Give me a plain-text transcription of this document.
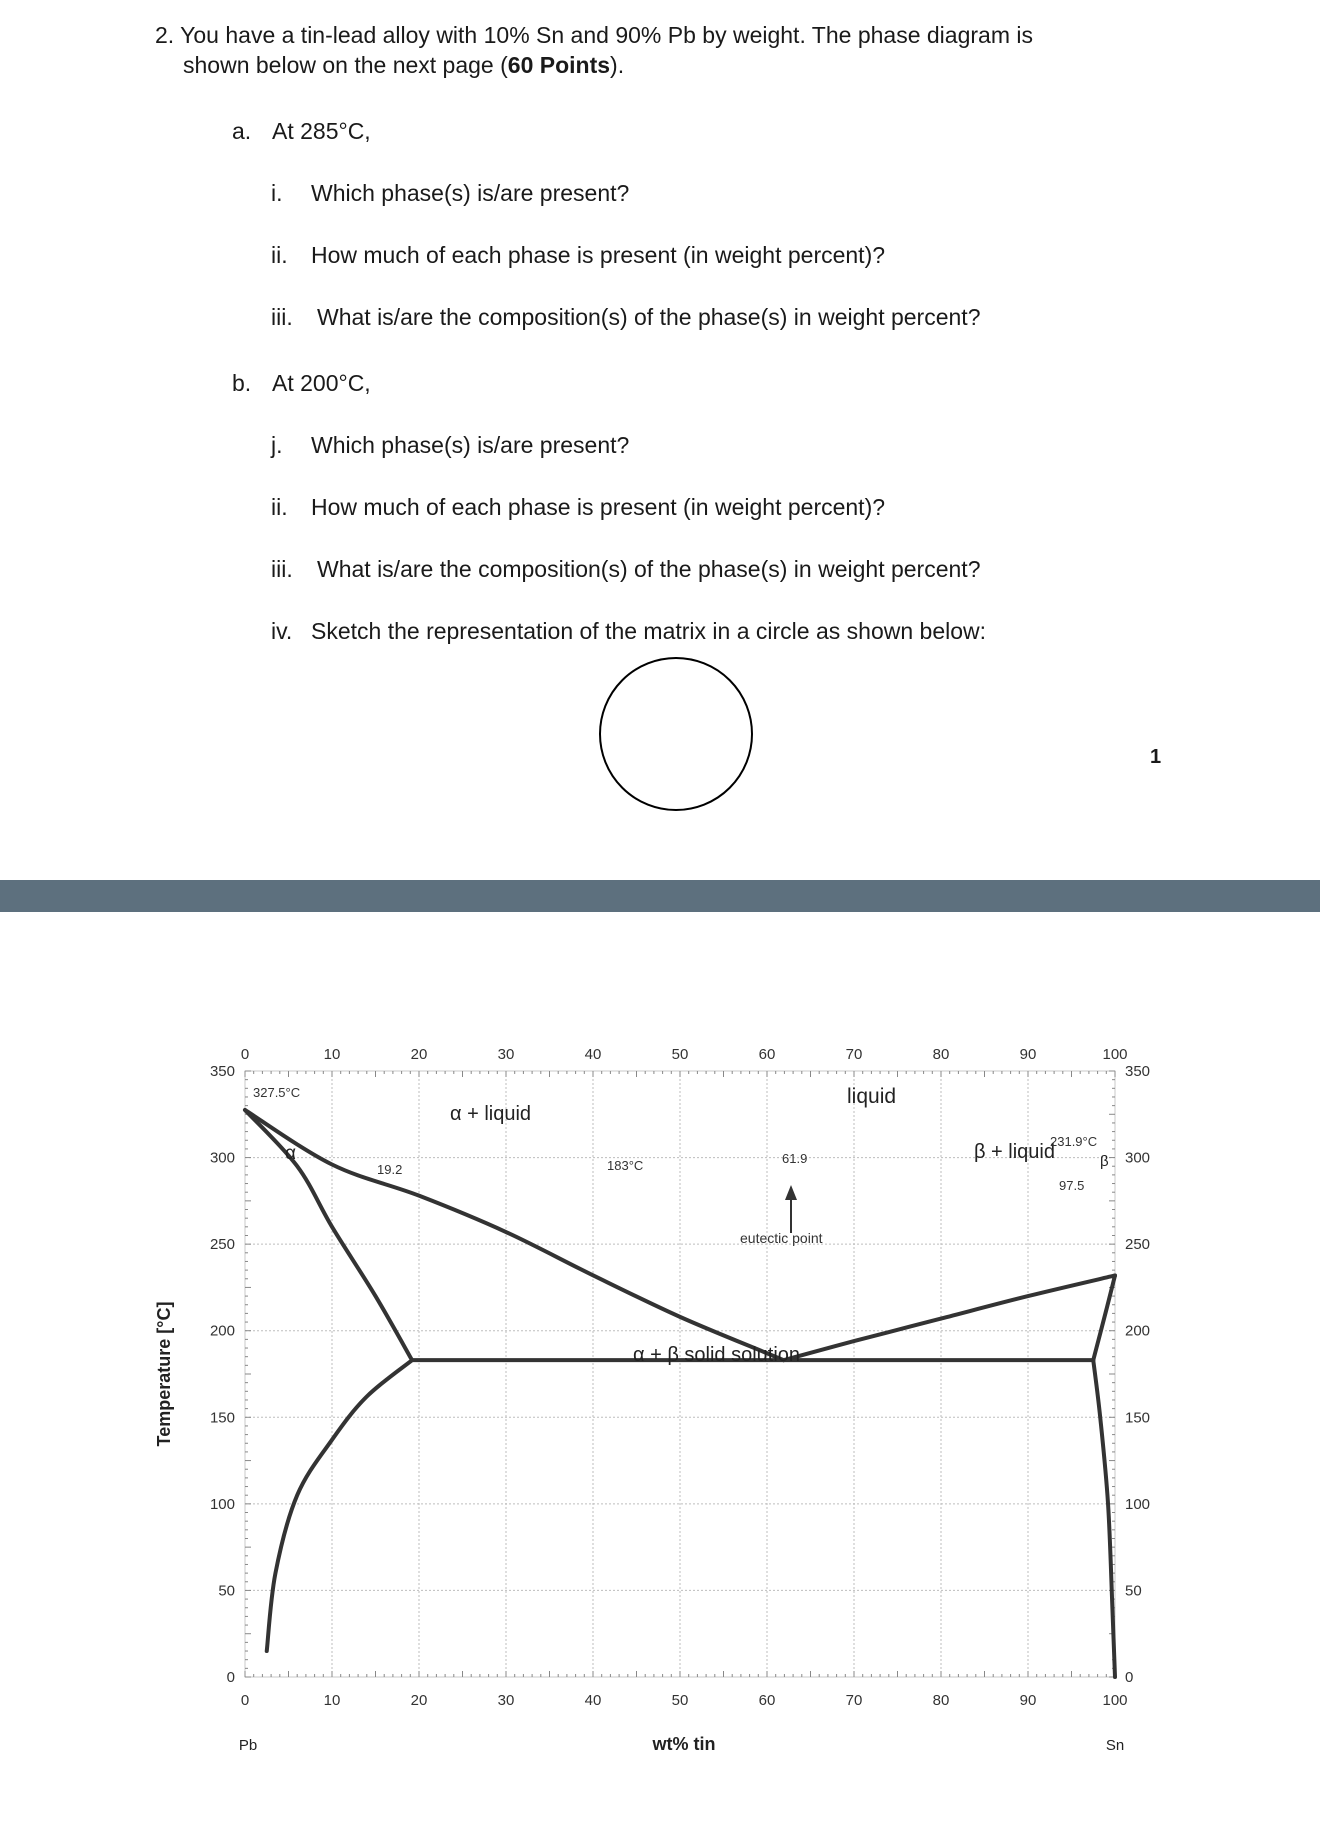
2. You have a tin-lead alloy with 10% Sn and 90% Pb by weight. The phase diagram is
shown below on the next page (60 Points).
a. At 285°C,
i. Which phase(s) is/are present?
ii. How much of each phase is present (in weight percent)?
iii. What is/are the composition(s) of the phase(s) in weight percent?
b. At 200°C,
j. Which phase(s) is/are present?
ii. How much of each phase is present (in weight percent)?
iii. What is/are the composition(s) of the phase(s) in weight percent?
iv. Sketch the representation of the matrix in a circle as shown below:
1
0
0
10
10
20
20
30
30
40
40
50
50
60
60
70
70
80
80
90
90
100
100
0	0
50	50
100	100
150	150
200	200
250	250
300	300
350	350
Temperature [°C]
wt% tin
Pb	Sn
liquid
α + liquid
α	β + liquid	β
α + β solid solution
327.5°C
231.9°C
183°C
19.2
61.9
97.5
eutectic point
